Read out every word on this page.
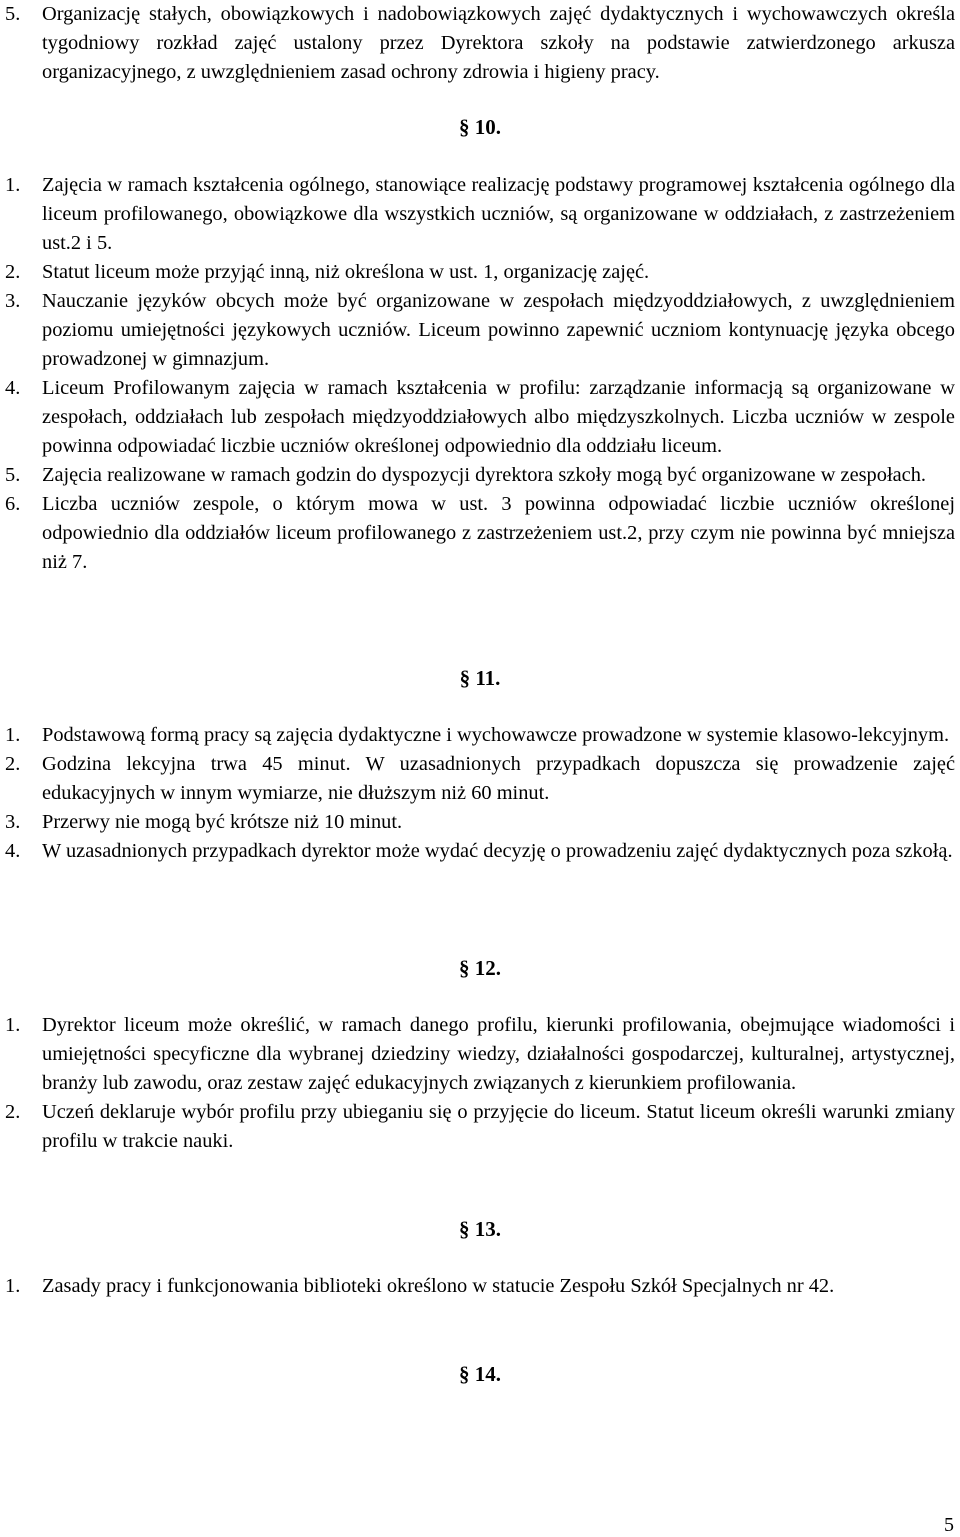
5. Organizację stałych, obowiązkowych i nadobowiązkowych zajęć dydaktycznych i wychowawczych określa tygodniowy rozkład zajęć ustalony przez Dyrektora szkoły na podstawie zatwierdzonego arkusza organizacyjnego, z uwzględnieniem zasad ochrony zdrowia i higieny pracy.
§ 10.
1. Zajęcia w ramach kształcenia ogólnego, stanowiące realizację podstawy programowej kształcenia ogólnego dla liceum profilowanego, obowiązkowe dla wszystkich uczniów, są organizowane w oddziałach, z zastrzeżeniem ust.2 i 5.
2. Statut liceum może przyjąć inną, niż określona w ust. 1, organizację zajęć.
3. Nauczanie języków obcych może być organizowane w zespołach międzyoddziałowych, z uwzględnieniem poziomu umiejętności językowych uczniów. Liceum powinno zapewnić uczniom kontynuację języka obcego prowadzonej w gimnazjum.
4. Liceum Profilowanym zajęcia w ramach kształcenia w profilu: zarządzanie informacją są organizowane w zespołach, oddziałach lub zespołach międzyoddziałowych albo międzyszkolnych. Liczba uczniów w zespole powinna odpowiadać liczbie uczniów określonej odpowiednio dla oddziału liceum.
5. Zajęcia realizowane w ramach godzin do dyspozycji dyrektora szkoły mogą być organizowane w zespołach.
6. Liczba uczniów zespole, o którym mowa w ust. 3 powinna odpowiadać liczbie uczniów określonej odpowiednio dla oddziałów liceum profilowanego z zastrzeżeniem ust.2, przy czym nie powinna być mniejsza niż 7.
§ 11.
1. Podstawową formą pracy są zajęcia dydaktyczne i wychowawcze prowadzone w systemie klasowo-lekcyjnym.
2. Godzina lekcyjna trwa 45 minut. W uzasadnionych przypadkach dopuszcza się prowadzenie zajęć edukacyjnych w innym wymiarze, nie dłuższym niż 60 minut.
3. Przerwy nie mogą być krótsze niż 10 minut.
4. W uzasadnionych przypadkach dyrektor może wydać decyzję o prowadzeniu zajęć dydaktycznych poza szkołą.
§ 12.
1. Dyrektor liceum może określić, w ramach danego profilu, kierunki profilowania, obejmujące wiadomości i umiejętności specyficzne dla wybranej dziedziny wiedzy, działalności gospodarczej, kulturalnej, artystycznej, branży lub zawodu, oraz zestaw zajęć edukacyjnych związanych z kierunkiem profilowania.
2. Uczeń deklaruje wybór profilu przy ubieganiu się o przyjęcie do liceum. Statut liceum określi warunki zmiany profilu w trakcie nauki.
§ 13.
1. Zasady pracy i funkcjonowania biblioteki określono w statucie Zespołu Szkół Specjalnych nr 42.
§ 14.
5
